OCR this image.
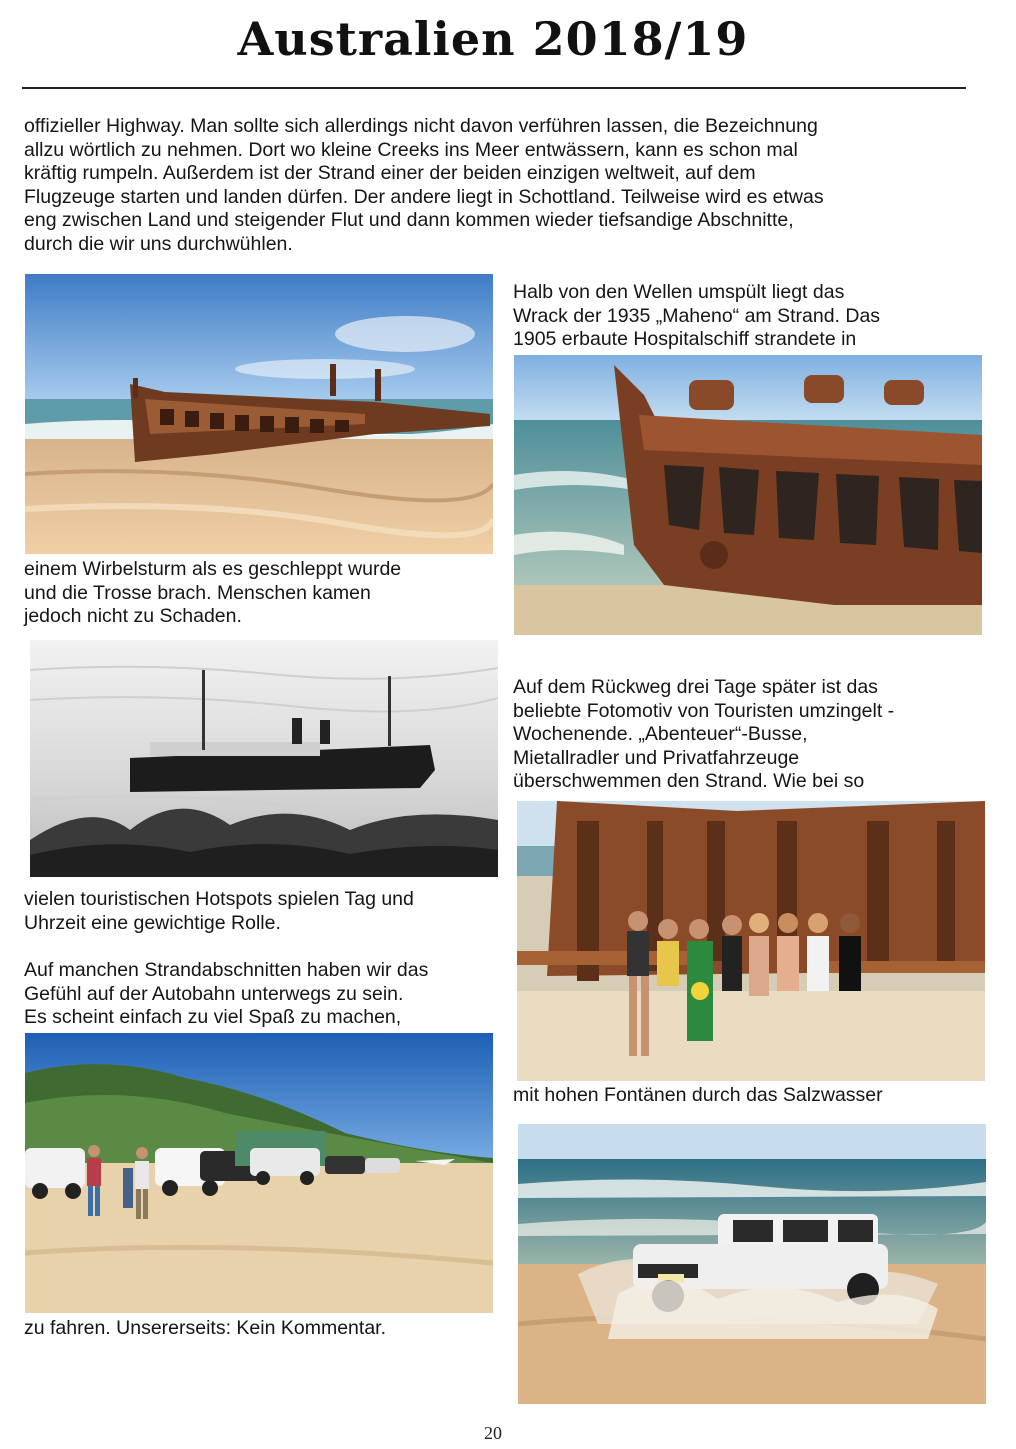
Australien 2018/19

offizieller Highway. Man sollte sich allerdings nicht davon verführen lassen, die Bezeichnung

allzu wörtlich zu nehmen. Dort wo kleine Creeks ins Meer entwässern, kann es schon mal

kräftig rumpeln. Außerdem ist der Strand einer der beiden einzigen weltweit, auf dem

Flugzeuge starten und landen dürfen. Der andere liegt in Schottland. Teilweise wird es etwas

eng zwischen Land und steigender Flut und dann kommen wieder tiefsandige Abschnitte,

durch die wir uns durchwühlen.

Halb von den Wellen umspült liegt das

Wrack der 1935 „Maheno“ am Strand. Das

1905 erbaute Hospitalschiff strandete in

einem Wirbelsturm als es geschleppt wurde

und die Trosse brach. Menschen kamen

jedoch nicht zu Schaden.

Auf dem Rückweg drei Tage später ist das

beliebte Fotomotiv von Touristen umzingelt -

Wochenende. „Abenteuer“-Busse,

Mietallradler und Privatfahrzeuge

überschwemmen den Strand. Wie bei so

vielen touristischen Hotspots spielen Tag und

Uhrzeit eine gewichtige Rolle.

Auf manchen Strandabschnitten haben wir das

Gefühl auf der Autobahn unterwegs zu sein.

Es scheint einfach zu viel Spaß zu machen,

mit hohen Fontänen durch das Salzwasser

zu fahren. Unsererseits: Kein Kommentar.

20
